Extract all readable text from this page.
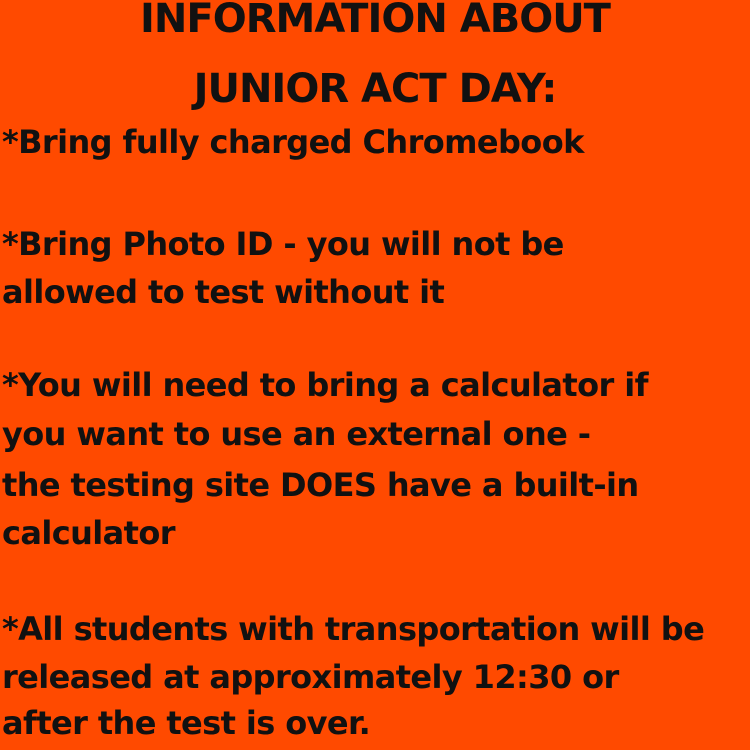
INFORMATION ABOUT
JUNIOR ACT DAY:

*Bring fully charged Chromebook

*Bring Photo ID - you will not be

allowed to test without it

*You will need to bring a calculator if

you want to use an external one -

the testing site DOES have a built-in

calculator

*All students with transportation will be

released at approximately 12:30 or

after the test is over.
